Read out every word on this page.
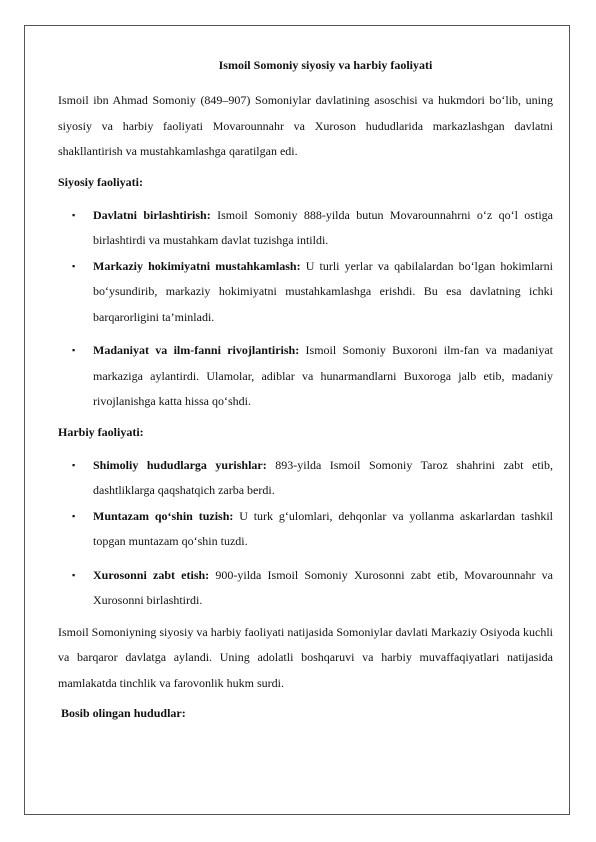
Ismoil Somoniy siyosiy va harbiy faoliyati

Ismoil ibn Ahmad Somoniy (849–907) Somoniylar davlatining asoschisi va hukmdori bo‘lib, uning siyosiy va harbiy faoliyati Movarounnahr va Xuroson hududlarida markazlashgan davlatni shakllantirish va mustahkamlashga qaratilgan edi.

Siyosiy faoliyati:

▪ Davlatni birlashtirish: Ismoil Somoniy 888-yilda butun Movarounnahrni o‘z qo‘l ostiga birlashtirdi va mustahkam davlat tuzishga intildi.
▪ Markaziy hokimiyatni mustahkamlash: U turli yerlar va qabilalardan bo‘lgan hokimlarni bo‘ysundirib, markaziy hokimiyatni mustahkamlashga erishdi. Bu esa davlatning ichki barqarorligini ta’minladi.
▪ Madaniyat va ilm-fanni rivojlantirish: Ismoil Somoniy Buxoroni ilm-fan va madaniyat markaziga aylantirdi. Ulamolar, adiblar va hunarmandlarni Buxoroga jalb etib, madaniy rivojlanishga katta hissa qo‘shdi.

Harbiy faoliyati:

▪ Shimoliy hududlarga yurishlar: 893-yilda Ismoil Somoniy Taroz shahrini zabt etib, dashtliklarga qaqshatqich zarba berdi.
▪ Muntazam qo‘shin tuzish: U turk g‘ulomlari, dehqonlar va yollanma askarlardan tashkil topgan muntazam qo‘shin tuzdi.
▪ Xurosonni zabt etish: 900-yilda Ismoil Somoniy Xurosonni zabt etib, Movarounnahr va Xurosonni birlashtirdi.

Ismoil Somoniyning siyosiy va harbiy faoliyati natijasida Somoniylar davlati Markaziy Osiyoda kuchli va barqaror davlatga aylandi. Uning adolatli boshqaruvi va harbiy muvaffaqiyatlari natijasida mamlakatda tinchlik va farovonlik hukm surdi.

Bosib olingan hududlar:
